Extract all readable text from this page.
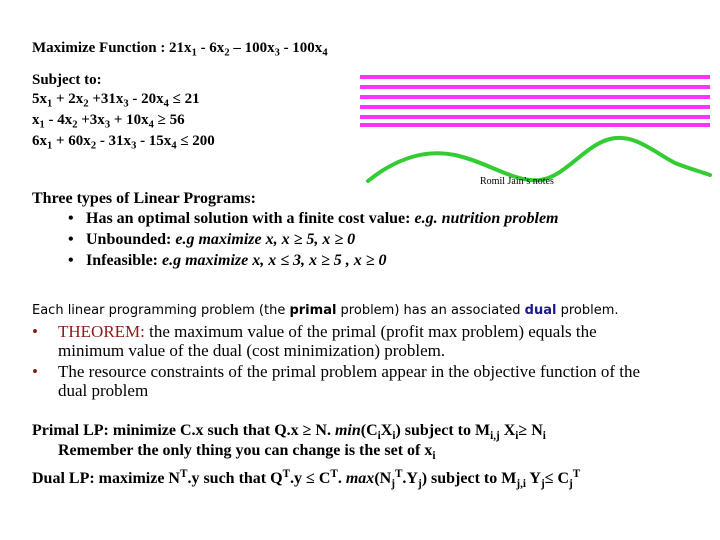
Maximize Function : $21x_1 - 6x_2 - 100x_3 - 100x_4$
Subject to:
$5x_1 + 2x_2 +31x_3 - 20x_4 \le 21$
$x_1 - 4x_2 +3x_3 + 10x_4 \ge 56$
$6x_1 + 60x_2 - 31x_3 - 15x_4 \le 200$
Romil Jain’s notes
Three types of Linear Programs:
• Has an optimal solution with a finite cost value: e.g. nutrition problem
• Unbounded: e.g maximize x, x ≥ 5, x ≥ 0
• Infeasible: e.g maximize x, x ≤ 3, x ≥ 5 , x ≥ 0
Each linear programming problem (the primal problem) has an associated dual problem.
• THEOREM: the maximum value of the primal (profit max problem) equals the
minimum value of the dual (cost minimization) problem.
• The resource constraints of the primal problem appear in the objective function of the
dual problem
Primal LP: minimize C.x such that Q.x ≥ N. $\min(C_iX_i)$ subject to $M_{i,j}$ $X_i\ge N_i$
Remember the only thing you can change is the set of $x_i$
Dual LP: maximize $N^T.y$ such that $Q^T.y \le C^T$. $\max(N_j^T.Y_j)$ subject to $M_{j,i}$ $Y_j\le C_j^T$
